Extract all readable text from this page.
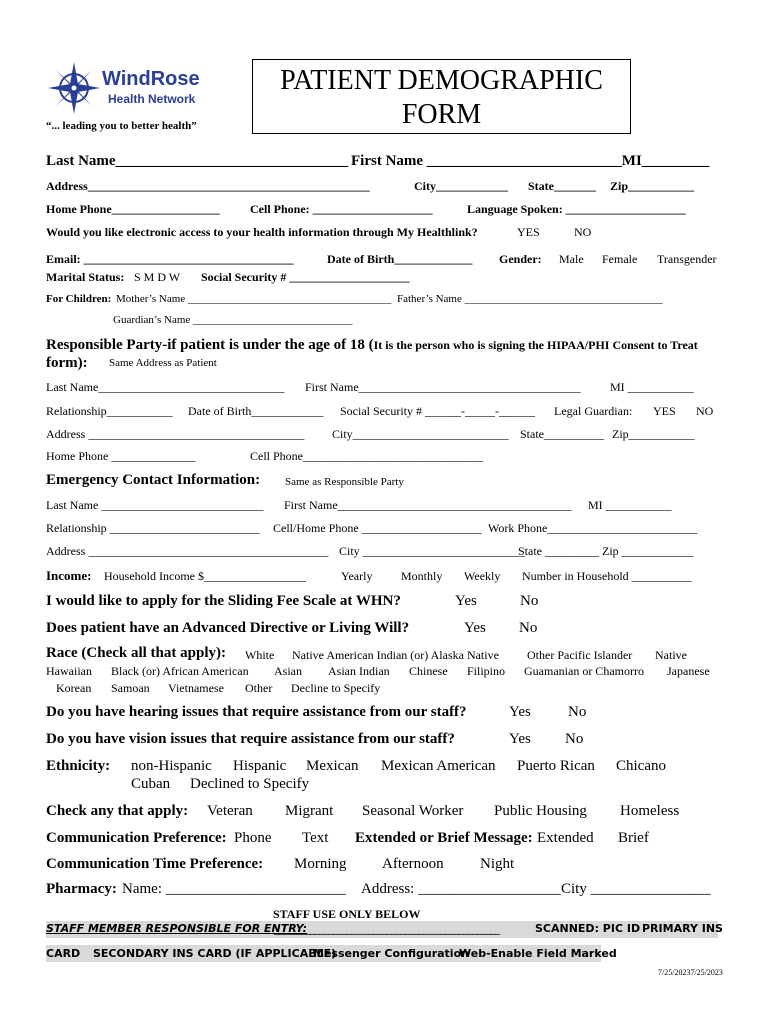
WindRose
Health Network
“... leading you to better health”
PATIENT DEMOGRAPHIC
FORM
Last Name_______________________________ First Name __________________________MI_________
Address_______________________________________________	City____________ State_______ Zip___________
Home Phone__________________	Cell Phone: ____________________	Language Spoken: ____________________
Would you like electronic access to your health information through My Healthlink?	YES	NO
Email: ___________________________________	Date of Birth_____________ Gender: Male Female Transgender
Marital Status: S M D W Social Security # ____________________
For Children: Mother’s Name _____________________________________ Father’s Name ____________________________________
Guardian’s Name _____________________________
Responsible Party-if patient is under the age of 18 (It is the person who is signing the HIPAA/PHI Consent to Treat
form): Same Address as Patient
Last Name_______________________________ First Name_____________________________________ MI ___________
Relationship___________ Date of Birth____________ Social Security # ______-_____-______ Legal Guardian: YES NO
Address ____________________________________ City__________________________ State__________ Zip___________
Home Phone ______________	Cell Phone______________________________
Emergency Contact Information: Same as Responsible Party
Last Name ___________________________ First Name_______________________________________ MI ___________
Relationship _________________________ Cell/Home Phone ____________________ Work Phone_________________________
Address ________________________________________ City ___________________________
State _________ Zip ____________
Income: Household Income $_________________	Yearly Monthly Weekly Number in Household __________
I would like to apply for the Sliding Fee Scale at WHN?	Yes	No
Does patient have an Advanced Directive or Living Will?	Yes No
Race (Check all that apply): White Native American Indian (or) Alaska Native Other Pacific Islander Native
Hawaiian Black (or) African American Asian Asian Indian Chinese Filipino Guamanian or Chamorro Japanese
Korean Samoan Vietnamese Other Decline to Specify
Do you have hearing issues that require assistance from our staff?	Yes No
Do you have vision issues that require assistance from our staff?	Yes No
Ethnicity: non-Hispanic Hispanic Mexican Mexican American Puerto Rican Chicano
Cuban Declined to Specify
Check any that apply: Veteran Migrant Seasonal Worker Public Housing Homeless
Communication Preference: Phone Text Extended or Brief Message: Extended Brief
Communication Time Preference: Morning Afternoon Night
Pharmacy: Name: ________________________ Address: ___________________ City ________________
STAFF USE ONLY BELOW
STAFF MEMBER RESPONSIBLE FOR ENTRY:
__________________________________________________	SCANNED: PIC ID PRIMARY INS
CARD SECONDARY INS CARD (IF APPLICABLE)
Messenger Configuration
Web-Enable Field Marked
7/25/20237/25/2023
